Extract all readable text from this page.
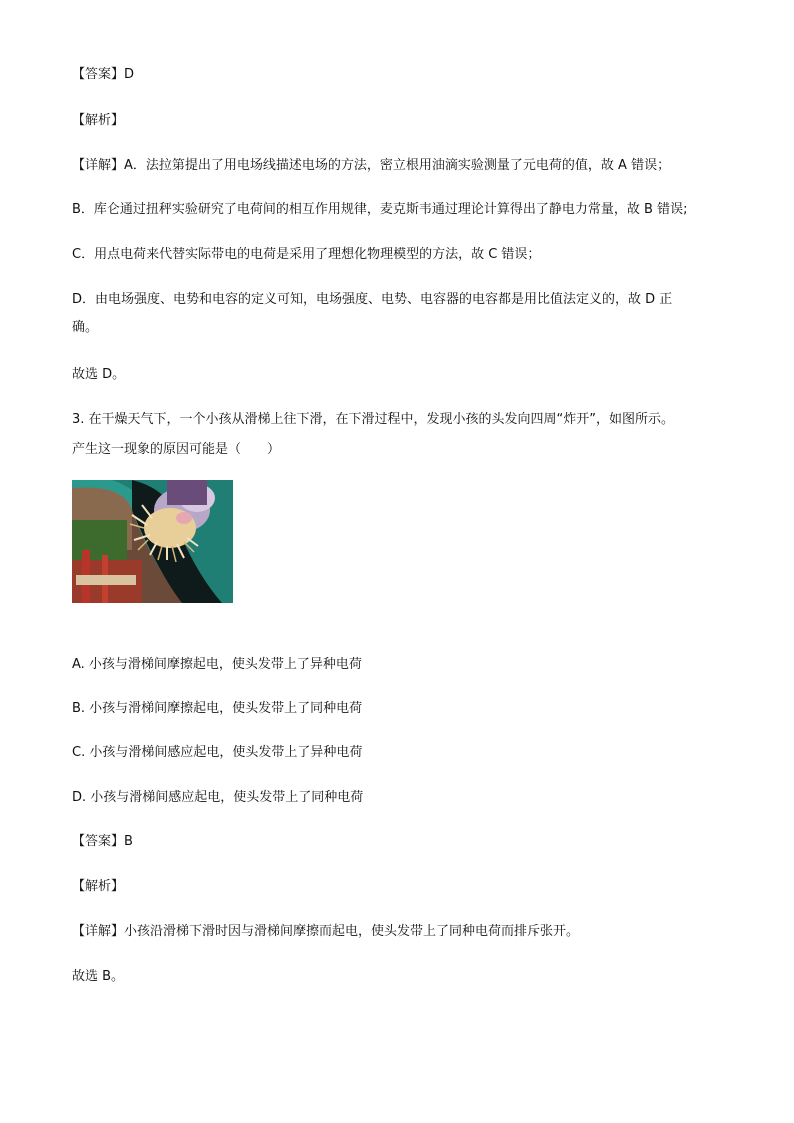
【答案】D
【解析】
【详解】A．法拉第提出了用电场线描述电场的方法，密立根用油滴实验测量了元电荷的值，故 A 错误；
B．库仑通过扭秤实验研究了电荷间的相互作用规律，麦克斯韦通过理论计算得出了静电力常量，故 B 错误;
C．用点电荷来代替实际带电的电荷是采用了理想化物理模型的方法，故 C 错误；
D．由电场强度、电势和电容的定义可知，电场强度、电势、电容器的电容都是用比值法定义的，故 D 正
确。
故选 D。
3. 在干燥天气下，一个小孩从滑梯上往下滑，在下滑过程中，发现小孩的头发向四周“炸开”，如图所示。
产生这一现象的原因可能是（　　）
A. 小孩与滑梯间摩擦起电，使头发带上了异种电荷
B. 小孩与滑梯间摩擦起电，使头发带上了同种电荷
C. 小孩与滑梯间感应起电，使头发带上了异种电荷
D. 小孩与滑梯间感应起电，使头发带上了同种电荷
【答案】B
【解析】
【详解】小孩沿滑梯下滑时因与滑梯间摩擦而起电，使头发带上了同种电荷而排斥张开。
故选 B。
